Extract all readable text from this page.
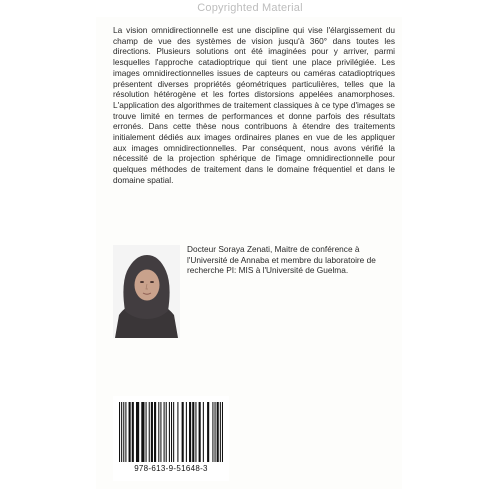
Copyrighted Material

La vision omnidirectionnelle est une discipline qui vise l'élargissement du champ de vue des systèmes de vision jusqu'à 360° dans toutes les directions. Plusieurs solutions ont été imaginées pour y arriver, parmi lesquelles l'approche catadioptrique qui tient une place privilégiée. Les images omnidirectionnelles issues de capteurs ou caméras catadioptriques présentent diverses propriétés géométriques particulières, telles que la résolution hétérogène et les fortes distorsions appelées anamorphoses. L'application des algorithmes de traitement classiques à ce type d'images se trouve limité en termes de performances et donne parfois des résultats erronés. Dans cette thèse nous contribuons à étendre des traitements initialement dédiés aux images ordinaires planes en vue de les appliquer aux images omnidirectionnelles. Par conséquent, nous avons vérifié la nécessité de la projection sphérique de l'image omnidirectionnelle pour quelques méthodes de traitement dans le domaine fréquentiel et dans le domaine spatial.

Docteur Soraya Zenati, Maitre de conférence à l'Université de Annaba et membre du laboratoire de recherche PI: MIS à l'Université de Guelma.

978-613-9-51648-3
